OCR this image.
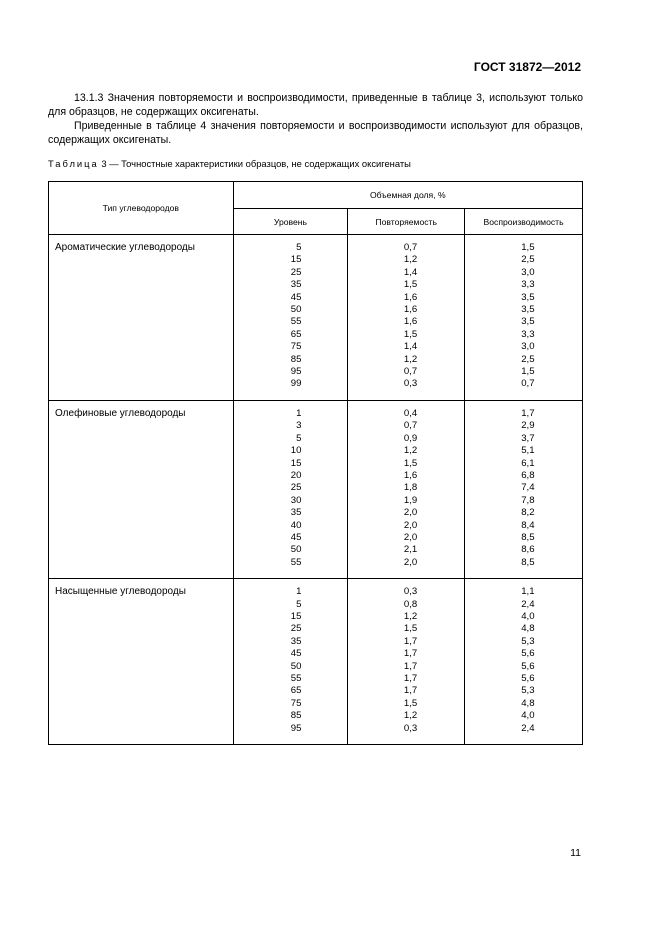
ГОСТ 31872—2012

13.1.3 Значения повторяемости и воспроизводимости, приведенные в таблице 3, используют только для образцов, не содержащих оксигенаты.

Приведенные в таблице 4 значения повторяемости и воспроизводимости используют для образцов, содержащих оксигенаты.

Таблица 3 — Точностные характеристики образцов, не содержащих оксигенаты
Тип углеводородов	Объемная доля, %		
	Уровень	Повторяемость	Воспроизводимость
Ароматические углеводороды	5	0,7	1,5
	15	1,2	2,5
	25	1,4	3,0
	35	1,5	3,3
	45	1,6	3,5
	50	1,6	3,5
	55	1,6	3,5
	65	1,5	3,3
	75	1,4	3,0
	85	1,2	2,5
	95	0,7	1,5
	99	0,3	0,7
Олефиновые углеводороды	1	0,4	1,7
	3	0,7	2,9
	5	0,9	3,7
	10	1,2	5,1
	15	1,5	6,1
	20	1,6	6,8
	25	1,8	7,4
	30	1,9	7,8
	35	2,0	8,2
	40	2,0	8,4
	45	2,0	8,5
	50	2,1	8,6
	55	2,0	8,5
Насыщенные углеводороды	1	0,3	1,1
	5	0,8	2,4
	15	1,2	4,0
	25	1,5	4,8
	35	1,7	5,3
	45	1,7	5,6
	50	1,7	5,6
	55	1,7	5,6
	65	1,7	5,3
	75	1,5	4,8
	85	1,2	4,0
	95	0,3	2,4
11
